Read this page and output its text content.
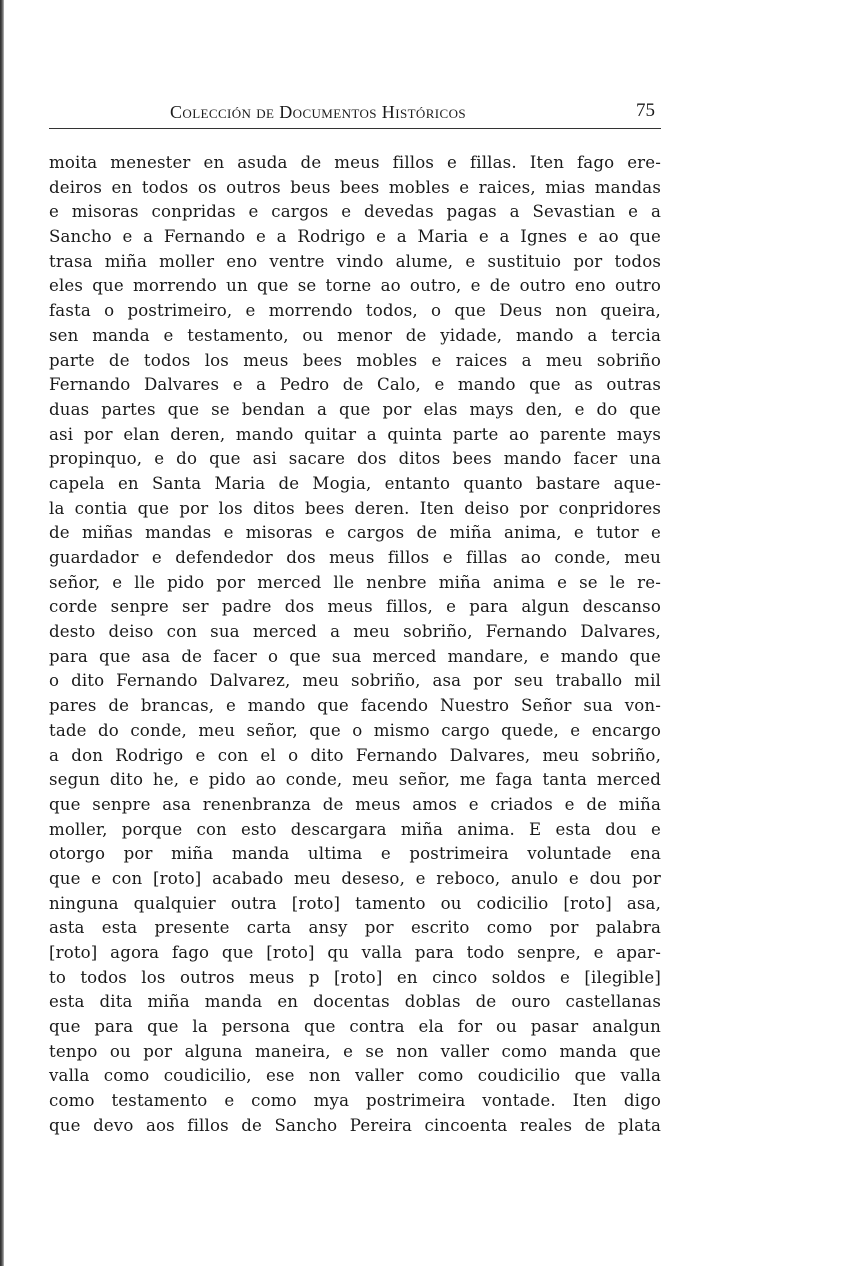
Colección de Documentos Históricos	75
moita menester en asuda de meus fillos e fillas. Iten fago ere-
deiros en todos os outros beus bees mobles e raices, mias mandas
e misoras conpridas e cargos e devedas pagas a Sevastian e a
Sancho e a Fernando e a Rodrigo e a Maria e a Ignes e ao que
trasa miña moller eno ventre vindo alume, e sustituio por todos
eles que morrendo un que se torne ao outro, e de outro eno outro
fasta o postrimeiro, e morrendo todos, o que Deus non queira,
sen manda e testamento, ou menor de yidade, mando a tercia
parte de todos los meus bees mobles e raices a meu sobriño
Fernando Dalvares e a Pedro de Calo, e mando que as outras
duas partes que se bendan a que por elas mays den, e do que
asi por elan deren, mando quitar a quinta parte ao parente mays
propinquo, e do que asi sacare dos ditos bees mando facer una
capela en Santa Maria de Mogia, entanto quanto bastare aque-
la contia que por los ditos bees deren. Iten deiso por conpridores
de miñas mandas e misoras e cargos de miña anima, e tutor e
guardador e defendedor dos meus fillos e fillas ao conde, meu
señor, e lle pido por merced lle nenbre miña anima e se le re-
corde senpre ser padre dos meus fillos, e para algun descanso
desto deiso con sua merced a meu sobriño, Fernando Dalvares,
para que asa de facer o que sua merced mandare, e mando que
o dito Fernando Dalvarez, meu sobriño, asa por seu traballo mil
pares de brancas, e mando que facendo Nuestro Señor sua von-
tade do conde, meu señor, que o mismo cargo quede, e encargo
a don Rodrigo e con el o dito Fernando Dalvares, meu sobriño,
segun dito he, e pido ao conde, meu señor, me faga tanta merced
que senpre asa renenbranza de meus amos e criados e de miña
moller, porque con esto descargara miña anima. E esta dou e
otorgo por miña manda ultima e postrimeira voluntade ena
que e con [roto] acabado meu deseso, e reboco, anulo e dou por
ninguna qualquier outra [roto] tamento ou codicilio [roto] asa,
asta esta presente carta ansy por escrito como por palabra
[roto] agora fago que [roto] qu valla para todo senpre, e apar-
to todos los outros meus p [roto] en cinco soldos e [ilegible]
esta dita miña manda en docentas doblas de ouro castellanas
que para que la persona que contra ela for ou pasar analgun
tenpo ou por alguna maneira, e se non valler como manda que
valla como coudicilio, ese non valler como coudicilio que valla
como testamento e como mya postrimeira vontade. Iten digo
que devo aos fillos de Sancho Pereira cincoenta reales de plata
